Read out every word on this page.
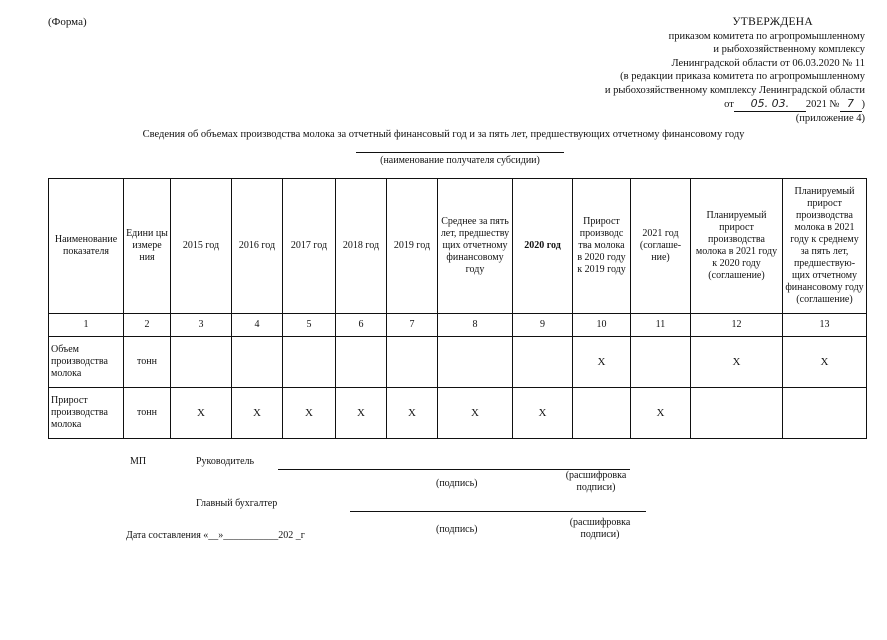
(Форма)	УТВЕРЖДЕНА
приказом комитета по агропромышленному
и рыбохозяйственному комплексу
Ленинградской области от 06.03.2020 № 11
(в редакции приказа комитета по агропромышленному
и рыбохозяйственному комплексу Ленинградской области
от 05. 03. 2021 № 7 )
(приложение 4)
Сведения об объемах производства молока за отчетный финансовый год и за пять лет, предшествующих отчетному финансовому году
(наименование получателя субсидии)
Наименование показателя	Едини цы измере ния	2015 год	2016 год	2017 год	2018 год	2019 год	Среднее за пять лет, предшеству щих отчетному финансовому году	2020 год	Прирост производс тва молока в 2020 году к 2019 году	2021 год (соглаше- ние)	Планируемый прирост производства молока в 2021 году к 2020 году (соглашение)	Планируемый прирост производства молока в 2021 году к среднему за пять лет, предшествую- щих отчетному финансовому году (соглашение)
1	2	3	4	5	6	7	8	9	10	11	12	13
Объем производства молока	тонн								X		X	X
Прирост производства молока	тонн	X	X	X	X	X	X	X		X		
МП	Руководитель
(подпись)
(расшифровка
подписи)
Главный бухгалтер
(подпись)
(расшифровка
подписи)
Дата составления «__»___________202 _г
